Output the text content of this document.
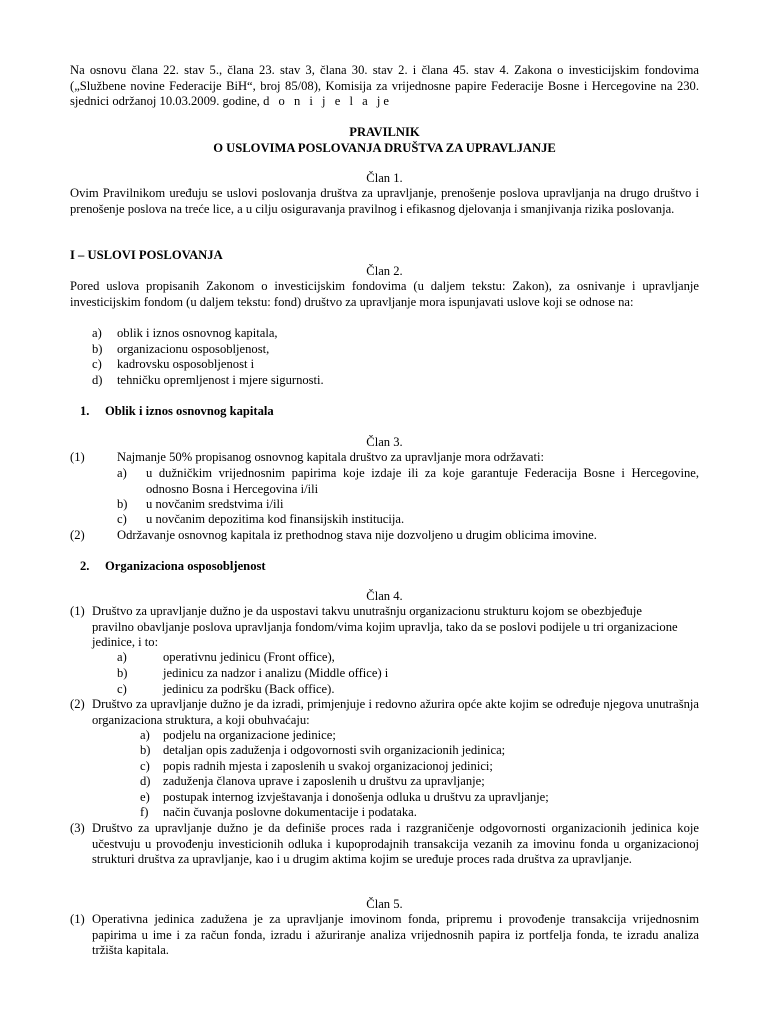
Na osnovu člana 22. stav 5., člana 23. stav 3, člana 30. stav 2. i člana 45. stav 4. Zakona o investicijskim fondovima („Službene novine Federacije BiH“, broj 85/08), Komisija za vrijednosne papire Federacije Bosne i Hercegovine na 230. sjednici održanoj 10.03.2009. godine, d o n i j e l a je

PRAVILNIK
O USLOVIMA POSLOVANJA DRUŠTVA ZA UPRAVLJANJE
Član 1.

Ovim Pravilnikom uređuju se uslovi poslovanja društva za upravljanje, prenošenje poslova upravljanja na drugo društvo i prenošenje poslova na treće lice, a u cilju osiguravanja pravilnog i efikasnog djelovanja i smanjivanja rizika poslovanja.

I – USLOVI POSLOVANJA
Član 2.

Pored uslova propisanih Zakonom o investicijskim fondovima (u daljem tekstu: Zakon), za osnivanje i upravljanje investicijskim fondom (u daljem tekstu: fond) društvo za upravljanje mora ispunjavati uslove koji se odnose na:

a) oblik i iznos osnovnog kapitala,
b) organizacionu osposobljenost,
c) kadrovsku osposobljenost i
d) tehničku opremljenost i mjere sigurnosti.
1. Oblik i iznos osnovnog kapitala
Član 3.
(1)	Najmanje 50% propisanog osnovnog kapitala društvo za upravljanje mora održavati:
a) u dužničkim vrijednosnim papirima koje izdaje ili za koje garantuje Federacija Bosne i Hercegovine, odnosno Bosna i Hercegovina i/ili

b) u novčanim sredstvima i/ili
c) u novčanim depozitima kod finansijskih institucija.
(2)	Održavanje osnovnog kapitala iz prethodnog stava nije dozvoljeno u drugim oblicima imovine.
2. Organizaciona osposobljenost
Član 4.
(1) Društvo za upravljanje dužno je da uspostavi takvu unutrašnju organizacionu strukturu kojom se obezbjeđuje pravilno obavljanje poslova upravljanja fondom/vima kojim upravlja, tako da se poslovi podijele u tri organizacione jedinice, i to:

a)	operativnu jedinicu (Front office),
b)	jedinicu za nadzor i analizu (Middle office) i
c)	jedinicu za podršku (Back office).
(2) Društvo za upravljanje dužno je da izradi, primjenjuje i redovno ažurira opće akte kojim se određuje njegova unutrašnja organizaciona struktura, a koji obuhvaćaju:

a) podjelu na organizacione jedinice;
b) detaljan opis zaduženja i odgovornosti svih organizacionih jedinica;
c) popis radnih mjesta i zaposlenih u svakoj organizacionoj jedinici;
d) zaduženja članova uprave i zaposlenih u društvu za upravljanje;
e) postupak internog izvještavanja i donošenja odluka u društvu za upravljanje;
f) način čuvanja poslovne dokumentacije i podataka.
(3) Društvo za upravljanje dužno je da definiše proces rada i razgraničenje odgovornosti organizacionih jedinica koje učestvuju u provođenju investicionih odluka i kupoprodajnih transakcija vezanih za imovinu fonda u organizacionoj strukturi društva za upravljanje, kao i u drugim aktima kojim se uređuje proces rada društva za upravljanje.

Član 5.
(1) Operativna jedinica zadužena je za upravljanje imovinom fonda, pripremu i provođenje transakcija vrijednosnim papirima u ime i za račun fonda, izradu i ažuriranje analiza vrijednosnih papira iz portfelja fonda, te izradu analiza tržišta kapitala.
